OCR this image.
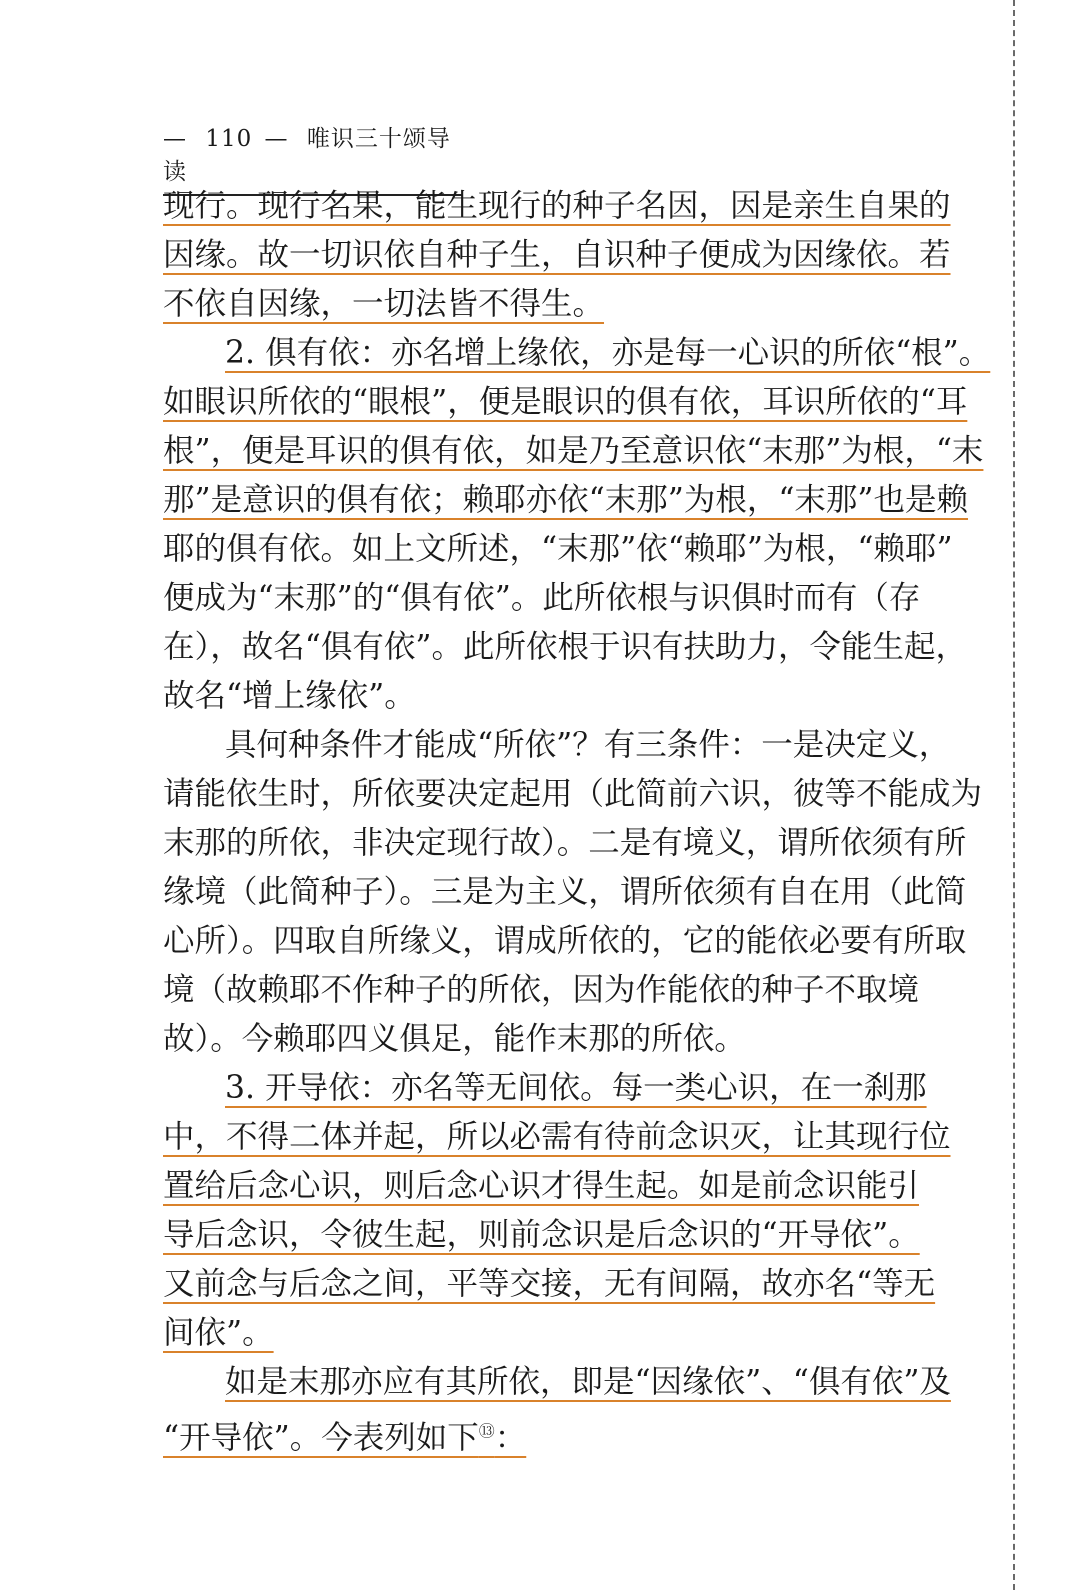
— 110 — 唯识三十颂导读
现行。现行名果，能生现行的种子名因，因是亲生自果的
因缘。故一切识依自种子生，自识种子便成为因缘依。若
不依自因缘，一切法皆不得生。
2. 俱有依：亦名增上缘依，亦是每一心识的所依“根”。
如眼识所依的“眼根”，便是眼识的俱有依，耳识所依的“耳
根”，便是耳识的俱有依，如是乃至意识依“末那”为根，“末
那”是意识的俱有依；赖耶亦依“末那”为根，“末那”也是赖
耶的俱有依。如上文所述，“末那”依“赖耶”为根，“赖耶”
便成为“末那”的“俱有依”。此所依根与识俱时而有（存
在），故名“俱有依”。此所依根于识有扶助力，令能生起，
故名“增上缘依”。
具何种条件才能成“所依”？有三条件：一是决定义，
请能依生时，所依要决定起用（此简前六识，彼等不能成为
末那的所依，非决定现行故）。二是有境义，谓所依须有所
缘境（此简种子）。三是为主义，谓所依须有自在用（此简
心所）。四取自所缘义，谓成所依的，它的能依必要有所取
境（故赖耶不作种子的所依，因为作能依的种子不取境
故）。今赖耶四义俱足，能作末那的所依。
3. 开导依：亦名等无间依。每一类心识，在一刹那
中，不得二体并起，所以必需有待前念识灭，让其现行位
置给后念心识，则后念心识才得生起。如是前念识能引
导后念识，令彼生起，则前念识是后念识的“开导依”。
又前念与后念之间，平等交接，无有间隔，故亦名“等无
间依”。
如是末那亦应有其所依，即是“因缘依”、“俱有依”及
“开导依”。今表列如下⑬：
